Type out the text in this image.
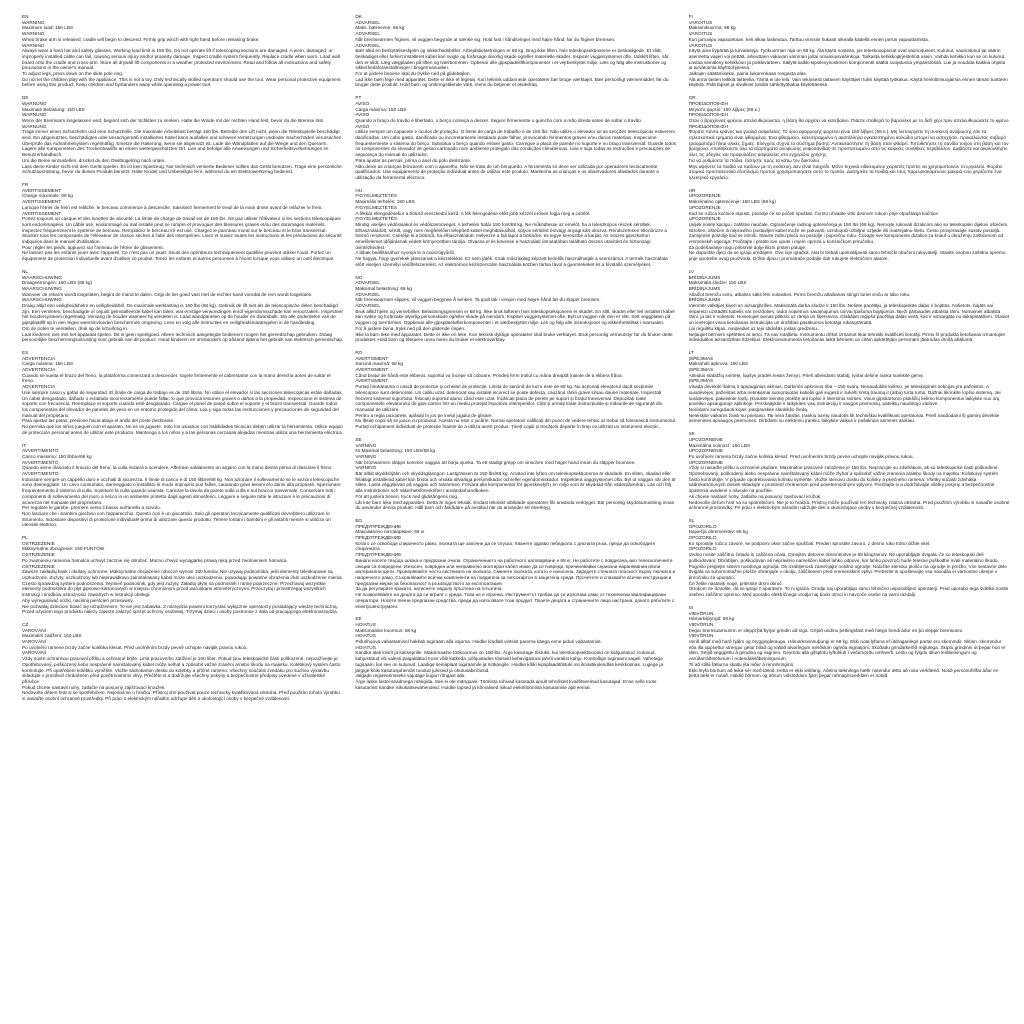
EN

WARNING

Maximum load: 150 LBS

WARNING

When brake arm is released, cradle will begin to descend. Firmly grip winch with right hand before releasing brake.

WARNING

Always wear a hard hat and safety glasses. Working load limit is 150 lbs. Do not operate lift if telescoping sections are damaged. A worn, damaged, or improperly installed cable can fail, causing serious injury and/or property damage. Inspect cradle system frequently. Replace cradle when worn. Load wall board onto the cradle and cross-arm. Store all drywall lift components in a weather protected environment. Read and follow all instructions and safety precautions in the owner's manual.

To adjust legs, press down on the slide pole ring.

Do not let the children play with the appliance. This is not a toy. Only technically skilled operators should use the tool. Wear personal protective equipment before using this product. Keep children and bystanders away while operating a power tool.

DE

WARNUNG

Maximale Belastung: 150 LBS

WARNUNG

Wenn der Bremsarm losgelassen wird, beginnt sich der Schlitten zu senken. Halte die Winde mit der rechten Hand fest, bevor du die Bremse löst.

WARNUNG

Trage immer einen Schutzhelm und eine Schutzbrille. Die maximale Arbeitslast beträgt 150 lbs. Betreibe den Lift nicht, wenn die Teleskopteile beschädigt sind. Ein abgenutztes, beschädigtes oder unsachgemäß installiertes Kabel kann ausfallen und schwere Verletzungen und/oder Sachschäden verursachen. Überprüfe das Aufnahmesystem regelmäßig. Ersetze die Halterung, wenn sie abgenutzt ist. Lade die Wandplatten auf die Wiege und den Querarm. Lagere alle Komponenten des Trockenbaulifts an einem wettergeschützten Ort. Lies und befolge alle Anweisungen und Sicherheitsvorkehrungen im Benutzerhandbuch.

Um die Beine einzustellen, drückst du den Gleitbügelring nach unten.

Lass deine Kinder nicht mit dem Gerät spielen. Es ist kein Spielzeug. Nur technisch versierte Bediener sollten das Gerät benutzen. Trage eine persönliche Schutzausrüstung, bevor du dieses Produkt benutzt. Halte Kinder und Unbeteiligte fern, während du ein Elektrowerkzeug bedienst.

FR

AVERTISSEMENT

Charge maximale: 68 kg

AVERTISSEMENT

Lorsque l'étrier de frein est relâché, le berceau commence à descendre. Saisissez fermement le treuil de la main droite avant de relâcher le frein.

AVERTISSEMENT

Portez toujours un casque et des lunettes de sécurité. La limite de charge de travail est de 150 lbs. Ne pas utiliser l'élévateur si les sections télescopiques sont endommagées. Un câble usé, endommagé ou mal installé peut se rompre et provoquer des blessures graves et/ou des dommages matériels. Inspectez fréquemment le système de berceau. Remplacez le berceau s'il est usé. Chargez le panneau mural sur le berceau et le bras transversal. Stockez tous les composants de l'élévateur de cloison sèches à l'abri des intempéries. Lisez et suivez toutes les instructions et les précautions de sécurité indiquées dans le manuel d'utilisation.

Pour régler les pieds, appuyez sur l'anneau de l'étrier de glissement.

Ne laissez pas les enfants jouer avec l'appareil. Ce n'est pas un jouet. Seuls des opérateurs techniquement qualifiés peuvent utiliser l'outil. Portez un équipement de protection individuelle avant d'utiliser ce produit. Tenez les enfants et autres personnes à l'écart lorsque vous utilisez un outil électrique.

NL

WAARSCHUWING

Draagvermogen: 150 LBS (68 kg)

WAARSCHUWING

Wanneer de rekarm wordt losgelaten, begint de mand te dalen. Grijp de lier goed vast met de rechter hand voordat de rem wordt losgelaten.

WAARSCHUWING

Draag altijd een veiligheidshelm en veiligheidsbril. De maximale werklasting is 150 lbs (68 kg). Gebruik de lift niet als de telescopische delen beschadigd zijn. Een versleten, beschadigde of onjuist geïnstalleerde kabel kan falen, wat ernstige verwondingen en/of eigendomsschade kan veroorzaken. Inspecteer het houdersysteem regelmatig. Vervang de houder wanneer hij versleten is. Laad wandpanelen op de houder en dwarsbalk. Sla alle onderdelen van de gipsplaatlift op in een tegen weersinvloeden beschermde omgeving. Lees en volg alle instructies en veiligheidsmaatregelen in de handleiding.

Om de poten te verstellen, druk op de schuifring in.

Laat kinderen niet met het apparaat spelen. Dit is geen speelgoed. Alleen technisch aangelegde bedieners mogen het gereedschap gebruiken. Draag persoonlijke beschermingsuitrusting voor gebruik van dit product. Houd kinderen en omstanders op afstand tijdens het gebruik van elektrisch gereedschap.

ES

ADVERTENCIA

Carga máxima: 150 LBS

ADVERTENCIA

Cuando se suelta el brazo del freno, la plataforma comenzará a descender. Sujete firmemente el cabrestante con la mano derecha antes de soltar el freno.

ADVERTENCIA

Use siempre casco y gafas de seguridad. El límite de carga de trabajo es de 150 libras. No utilice el elevador si las secciones telescópicas están dañadas. Un cable desgastado, dañado o instalado incorrectamente puede fallar, lo que provoca lesiones graves o daños a la propiedad. Inspeccione el sistema de soporte con frecuencia. Reemplace el soporte cuando esté desgastado. Cargue el panel de pared sobre el soporte y el brazo transversal. Guarde todos los componentes del elevador de paneles de yeso en un entorno protegido del clima. Lea y siga todas las instrucciones y precauciones de seguridad del manual del propietario.

Para ajustar las patas, presione hacia abajo el anillo del poste deslizante.

No permita que los niños jueguen con el aparato. No es un juguete. Solo los usuarios con habilidades técnicas deben utilizar la herramienta. Utilice equipo de protección personal antes de utilizar este producto. Mantenga a los niños y a las personas cercanas alejadas mientras utiliza una herramienta eléctrica.

IT

AVVERTIMENTO

Carico massimo: 150 libbre/68 kg

AVVERTIMENTO

Quando viene rilasciato il braccio del freno, la culla inizierà a scendere. Afferrare saldamente un argano con la mano destra prima di rilasciare il freno.

AVVERTIMENTO

Indossare sempre un cappello duro e occhiali di sicurezza. Il limite di carico è di 150 libbre/68 kg. Non azionare il sollevamento se le sezioni telescopiche sono danneggiate. Un cavo consumato, danneggiato o installato in modo improprio può fallire, causando gravi lesioni e/o danni alla proprietà. Ispezionare frequentemente il sistema di culla. Sostituire la culla quando usurata. Caricare la tavola da parete sulla culla e sul braccio trasversale. Conservare tutti i componenti di sollevamento del muro a secco in un ambiente protetto dagli agenti atmosferici. Leggere e seguire tutte le istruzioni e le precauzioni di sicurezza nel manuale del proprietario.

Per regolare le gambe, premere verso il basso sull'anello a scivolo.

Non lasciare che i bambini giochino con l'apparecchio. Questo non è un giocattolo. Solo gli operatori tecnicamente qualificati dovrebbero utilizzare lo strumento. Indossare dispositivi di protezione individuale prima di utilizzare questo prodotto. Tenere lontani i bambini e gli astanti mentre si utilizza un utensile elettrico.

PL

OSTRZEŻENIE

Maksymalne obciążenie: 150 FUNTÓW

OSTRZEŻENIE

Po zwolnieniu ramienia hamulca uchwyt zacznie się obniżać. Mocno chwyć wyciągarkę prawą ręką przed zwolnieniem hamulca.

OSTRZEŻENIE

Zawsze zakładaj kask i okulary ochronne. Maksymalne obciążenie robocze wynosi 150 funtów. Nie używaj podnośnika, jeśli elementy teleskopowe są uszkodzone. Zużyty, uszkodzony lub nieprawidłowo zainstalowany kabel może ulec uszkodzeniu, powodując poważne obrażenia i/lub uszkodzenie mienia. Często sprawdzaj system podnoszenia. Wymień podnośnik, gdy jest zużyty. Załaduj płytę na podnośnik i ramię poprzeczne. Przechowuj wszystkie elementy podnośnika do płyt gipsowo-kartonowych w miejscu chronionym przed warunkami atmosferycznymi. Przeczytaj i przestrzegaj wszystkich instrukcji i środków ostrożności zawartych w instrukcji obsługi.

Aby wyregulować nóżki, naciśnij pierścień przesuwny.

Nie pozwalaj dzieciom bawić się urządzeniem. To nie jest zabawka. Z narzędzia powinni korzystać wyłącznie operatorzy posiadający wiedzę techniczną. Przed użyciem tego produktu należy zawsze założyć sprzęt ochrony osobistej. Trzymaj dzieci i osoby postronne z dala od pracującego elektronarzędzia.

CZ

VAROVÁNÍ

Maximální zatížení: 150 LBS

VAROVÁNÍ

Po uvolnění ramene brzdy začne kolébka klesat. Před uvolněním brzdy pevně uchopte naviják pravou rukou.

VAROVÁNÍ

Vždy noste ochrannou pracovní přilbu a ochranné brýle. Limit pracovního zatížení je 150 liber. Pokud jsou teleskopické části poškozené, nepoužívejte je. Opotřebovaný, poškozený nebo nesprávně nainstalovaný kabel může selhat a způsobit vážné zranění a/nebo škodu na majetku. Kolébkový systém často kontrolujte. Při opotřebení kolébku vyměňte. Vložte sádrokarton desku do kolébky a příčné rameno. Všechny součásti zvedáku pro suchou výstavbu skladujte v prostředí chráněném před povětrnostními vlivy. Přečtěte si a dodržujte všechny pokyny a bezpečnostní předpisy uvedené v uživatelské příručce.

Pokud chcete nastavit nohy, zatlačte na posuvný zajišťovací kroužek.

Nedovolte dětem hrát si se spotřebičem. Nejedná se o hračku. Přístroj smí používat pouze technicky kvalifikovaná obsluha. Před použitím tohoto výrobku si nasaďte osobní ochranné prostředky. Při práci s elektrickým nářadím udržujte děti a okolostojící osoby v bezpečné vzdálenosti.

DK

ADVARSEL

Maks. bæreevne: 68 kg

ADVARSEL

Når bremsearmen frigives, vil vuggen begynde at sænke sig. Hold fast i håndsvinget med højre hånd, før du frigiver bremsen.

ADVARSEL

Bær altid en beskyttelseshjelm og sikkerhedsbriller. Arbejdsbelastningen er 68 kg. Brug ikke liften, hvis teleskopsektionerne er beskadigede. Et slidt, beskadiget eller forkert installeret kabel kan svigte og forårsage alvorlig skade og/eller materielle skader. Inspicér vuggesystemet ofte. Udskift liften, når den er slidt. Læg vægpladen på liften og tværbommen. Opbevar alle gipspladeliftkomponenter i et vejrbeskyttet miljø. Læs og følg alle instruktioner og sikkerhedsforanstaltninger i brugermanualen.

For at justere benene skal du trykke ned på glidebøjlen.

Lad ikke børn lege med apparatet. Dette er ikke et legetøj. Kun teknisk uddannede operatører bør bruge værktøjet. Bær personligt værnemiddel, før du bruger dette produkt. Hold børn og omkringstående væk, mens du betjener et elværktøj.

PT

AVISO

Carga máxima: 150 LBS

AVISO

Quando a braço do travão é libertado, o berço começa a descer. Segure firmemente o guincho com a mão direita antes de soltar o travão.

AVISO

Utilize sempre um capacete e óculos de proteção. O limite de carga de trabalho é de 150 lbs. Não utilize o elevador se as secções telescópicas estiverem danificadas. Um cabo gasto, danificado ou incorretamente instalado pode falhar, provocando ferimentos graves e/ou danos materiais. Inspecione frequentemente o sistema do berço. Substitua o berço quando estiver gasto. Carregue a placa de parede no suporte e no braço transversal. Guarde todos os componentes do elevador de gesso cartonado num ambiente protegido das condições climatéricas. Leia e siga todas as instruções e precauções de segurança do manual do utilizador.

Para ajustar as pernas, prima o anel do pólo deslizante.

Não deixe as crianças brincarem com o aparelho. Não se trata de um brinquedo. A ferramenta só deve ser utilizada por operadores tecnicamente qualificados. Use equipamento de proteção individual antes de utilizar este produto. Mantenha as crianças e os observadores afastados durante a utilização da ferramenta eléctrica.

HU

FIGYELMEZTETÉS

Maximális terhelés: 150 LBS

FIGYELMEZTETÉS

A fékkar elengedésekor a bölcső ereszkedni kezd. A fék felengedése előtt jobb kézzel erősen fogja meg a csörlőt.

FIGYELMEZTETÉS

Mindig viseljen védősisakot és védőszemüveget. A terhelési határ 150 font/68 kg. Ne működtesse az emelőt, ha a teleszkópos részek sérültek. Elhasználódott, sérült, vagy nem megfelelően telepített kabel meghibásodhat, súlyos sérülést és/vagy anyagi kárt okozva. Rendszeresen ellenőrizze a bölcső rendszert. Cserélje ki a bölcsőt, ha elhasználódott. Helyezze a fali lapot a bölcsőre, és tegye keresztbe a karjait. Az összes gipszkarton emelőelemet időjárásnak védett környezetben tárolja. Olvassa el és kövesse a használati útmutatóban található összes utasítást és biztonsági óvintézkedést.

A lábak beállításához nyomja le a csúszógyűrűt.

Ne hagyja, hogy gyerekek játsszanak a készülékkel. Ez nem játék. Csak műszakilag képzett kezelők használhatják a szerszámot. A termék használata előtt viseljen személyi védőfelszerelést. Az elektromos kéziszerszám használata közben tartsa távol a gyermekeket és a kívülálló személyeket.

NO

ADVARSEL

Maksimal belastning: 68 kg

ADVARSEL

Når bremsearmen slippes, vil vuggen begynne å senkes. Ta godt tak i vinsjen med høyre hånd før du slipper bremsen.

ADVARSEL

Bruk alltid hjelm og vernebriller. Belastningsgrensen er 68 kg. Ikke bruk løfteren hvis teleskopseksjonene er skadet. En slitt, skadet eller feil installert kabel kan svikte og forårsake alvorlig personskade og/eller skade på eiendom. Inspiser vuggesystemet ofte. Bytt ut vuggen når den er slitt. Sett veggplaten på vuggen og tverrarmen. Oppbevar alle gipsplateløfterkomponenter i et værbeskyttet miljø. Les og følg alle instruksjoner og sikkerhetstiltak i manualen.

For å justere bena, trykk ned på den glidende ringen.

Ikke la barn leke med apparatet. Dette er ikke en leke. Kun teknisk dyktige operatører skal bruke verktøyet. Bruk personlig verneutstyr før du bruker dette produktet. Hold barn og tilskuere unna mens du bruker et elektroverktøy.

RO

AVERTISMENT

Sarcină maximă: 68 kg

AVERTISMENT

Când brațul de frână este eliberat, suportul va începe să coboare. Prindeți ferm troliul cu mâna dreaptă înainte de a elibera frâna.

AVERTISMENT

Purtați întotdeauna o cască de protecție și ochelari de protecție. Limita de sarcină de lucru este de 68 kg. Nu acționați elevatorul dacă secțiunile telescopice sunt deteriorate. Un cablu uzat, deteriorat sau instalat incorect se poate defecta, cauzând răniri grave și/sau daune materiale. Inspectați frecvent sistemul suportului. Înlocuiți suportul atunci când este uzat. Încărcați placa de perete pe suport și brațul transversal. Depozitați toate componentele elevatorului de gips-carton într-un mediu protejat împotriva intemperiilor. Citiți și urmați toate instrucțiunile și măsurile de siguranță din manualul de utilizare.

Pentru a regla picioarele, apăsați în jos pe inelul jugului de glisare.

Nu lăsați copiii să se joace cu produsul. Acesta nu este o jucărie. Numai operatorii calificați din punct de vedere tehnic ar trebui să folosească instrumentul. Purtați echipament individual de protecție înainte de a utiliza acest produs. Țineți copiii și trecătorii departe în timp ce utilizați un instrument electric.

SE

VARNING

Nr Maximal belastning: 150 LBS/68 kg

VARNING

När bromsarmen släpps kommer vaggan att börja sjunka. Ta ett stadigt grepp om vinschen med höger hand innan du släpper bromsen.

VARNING

Bär alltid skyddshjälm och skyddsglasögon. Lastgränsen är 150 lbs/68 kg. Använd inte lyften om teleskopsektionerna är skadade. En sliten, skadad eller felaktigt installerad kabel kan brista och orsaka allvarliga personskador och/eller egendomsskador. Inspektera vaggsystemet ofta. Byt ut vaggan när den är sliten. Lasta väggskivan på vaggan och tvärarmen. Förvara alla komponenter för gipsskivelyft i en miljö som är skyddad från väderpåverkan. Läs och följ alla instruktioner och säkerhetsföreskrifter i användarhandboken.

För att justera benen, tryck ned glidstångens ring.

Låt inte barn leka med apparaten. Detta är ingen leksak. Endast tekniskt utbildade operatörer får använda verktyget. Bär personlig skyddsutrustning innan du använder denna produkt. Håll barn och åskådare på avstånd när du använder ett elverktyg.

BG

ПРЕДУПРЕЖДЕНИЕ

Максимално натоварване: 68 кг

ПРЕДУПРЕЖДЕНИЕ

Когато се освободи спирачното рамо, люлката ще започне да се спуска. Хванете здраво лебедката с дясната ръка, преди да освободите спирачката.

ПРЕДУПРЕЖДЕНИЕ

Винаги носете твърда шапка и предпазни очила. Ограничението на работното натоварване е 68 кг. Не работете с повдигача, ако телескопичните секции са повредени. Износен, повреден или неправилно монтиран кабел може да се повреди, причинявайки сериозни наранявания и/или материални щети. Проверявайте често системата на люлката. Сменете люлката, когато е износена. Заредете стенната плоскост върху люлката и напречното рамо. Съхранявайте всички компоненти на повдигача за гипсокартон в защитена среда. Прочетете и спазвайте всички инструкции и предпазни мерки за безопасност в ръководството за експлоатация.

За да регулирате краката, натиснете надолу пръстена на плъзгача.

Не позволявайте на децата да си играят с уреда. Това не е играчка. Инструментът трябва да се използва само от технически квалифицирани оператори. Носете лични предпазни средства, преди да използвате този продукт. Пазете децата и страничните лица настрана, докато работите с електроинструмент.

EE

HOIATUS

Maksimaalne koormus: 68 kg

HOIATUS

Pidurihoova vabastamisel hakkab tugiraam alla vajuma. Hoidke kindlalt vintsist parema käega enne piduri vabastamist.

HOIATUS

Kandke alati kiivrit ja kaitseprille. Maksimaalne töökoormus on 150 lbs. Ärge kasutage tõstukit, kui teleskoopsektsioonid on kahjustatud. Kulunud, kahjustatud või valesti paigaldatud tross võib katkeda, põhjustades tõsiseid kehavigastusi ja/või varalist kahju. Kontrollige tugiraami sageli. Vahetage tugiraam, kui see on kulunud. Laadige seinaplaat tugiraamile ja ristkangile. Hoidke kõiki kipsplaaditõstuki osi ilmastikukindlas keskkonnas. Lugege ja järgige kõiki kasutusjuhendis toodud juhiseid ja ohutusabinõusid.

Jalgade reguleerimiseks vajutage liuguri rõngast alla.

Ärge laske lastel seadmega mängida. See ei ole mänguasi. Tööriista tohivad kasutada ainult tehniliselt kvalifitseeritud kasutajad. Enne selle toote kasutamist kandke isikukaitsevahendeid. Hoidke lapsed ja kõrvalised isikud elektritööriista kasutamise ajal eemal.

FI

VAROITUS

Maksimikuorma: 68 kg

VAROITUS

Kun jarruvipu vapautetaan, keli alkaa laskeutua. Tarttuu vinssiin tiukasti oikealla kädellä ennen jarrun vapauttamista.

VAROITUS

Käytä aina kypärää ja turvalaseja. Työkuorman raja on 68 kg. Älä käytä nostinta, jos teleskooppiosat ovat vaurioituneet. Kulunut, vaurioitunut tai väärin asennettu vaijeri voi pettää, aiheuttaen vakavan vamman ja/tai omaisuusvahinkoja. Tarkasta kehikkojärjestelmä usein. Vaihda kehikko kun se on kulunut. Lastaa seinälevy kehikkoon ja poikkivarteen. Säilytä kaikki kipsilevynostimen komponentit säältä suojatussa ympäristössä. Lue ja noudata kaikkia ohjeita ja turvatoimia käyttöohjeessa.

Jalkojen säätämiseksi, paina liukurenkaan rengasta alas.

Älä anna lasten leikkiä laitteella. Tämä ei ole lelu. Vain teknisesti taitavien käyttäjien tulisi käyttää työkalua. Käytä henkilönsuojaimia ennen tämän tuotteen käyttöä. Pidä lapset ja sivulliset loitolla sähkötyökalua käytettäessä.

GR

ΠΡΟΕΙΔΟΠΟΙΗΣΗ

Μέγιστο φορτίο: 150 λίβρες (68 κ.)

ΠΡΟΕΙΔΟΠΟΙΗΣΗ

Όταν ο βραχίονας φρένου απελευθερώνεται, η βάση θα αρχίσει να κατεβαίνει. Πιάστε σταθερά το βαρούλκο με το δεξί χέρι πριν απελευθερώσετε το φρένο.

ΠΡΟΕΙΔΟΠΟΙΗΣΗ

Φοράτε πάντα κράνος και γυαλιά ασφαλείας. Το όριο εφαρμογής φορτίου είναι 150 λίβρες (68 κ.). Μη λειτουργείτε τη συσκευή ανύψωσης εάν τα τηλεσκοπικά τμήματα είναι φθαρμένα. Ένα φθαρμένο, κατεστραμμένο ή ακατάλληλα εγκατεστημένο καλώδιο μπορεί να αστοχήσει, προκαλώντας σοβαρό τραυματισμό ή/και υλικές ζημιές. Ελέγχετε συχνά το σύστημα βάσης. Αντικαταστήστε τη βάση όταν φθαρεί. Τοποθετήστε τη σανίδα τοίχου στη βάση και τον βραχίονα. Αποθηκεύστε όλα τα εξαρτήματα ανύψωσης γυψοσανίδας σε προστατευμένο από τις καιρικές συνθήκες περιβάλλον. Διαβάστε και ακολουθήστε όλες τις οδηγίες και προφυλάξεις ασφαλείας στο εγχειρίδιο χρήσης.

Για να ρυθμίσετε τα πόδια, πατήστε προς τα κάτω τον δακτύλιο.

Μην αφήνετε τα παιδιά να παίζουν με τη συσκευή. Δεν είναι παιχνίδι. Μόνο τεχνικά ειδικευμένοι χειριστές πρέπει να χρησιμοποιούν το εργαλείο. Φοράτε ατομικό προστατευτικό εξοπλισμό προτού χρησιμοποιήσετε αυτό το προϊόν. Διατηρείτε τα παιδιά και τους παρευρισκόμενους μακριά ενώ χειρίζεστε ένα ηλεκτρικό εργαλείο.

HR

UPOZORENJE

Maksimalno opterećenje: 150 LBS (68 kg)

UPOZORENJE

Kad se ručica kočnice otpusti, postolje će se početi spuštati. Čvrsto uhvatite vitlo desnom rukom prije otpuštanja kočnice.

UPOZORENJE

Uvijek nosite kacigu i zaštitne naočale. Ograničenje radnog opterećenja je 150 lbs (68 kg). Nemojte rukovati dizalicom ako su teleskopski dijelovi oštećeni. Istrošen, oštećen ili nepravilno postavljen kabel može se pokvariti, uzrokujući ozbiljne ozljede i/ili materijalnu štetu. Često provjeravajte sustav postolja. Zamijenite postolje kad se istroši. Stavite zidnu ploču na postolje i poprečnu ruku. Čuvajte sve komponente dizalice za knauf u okruženju zaštićenom od vremenskih utjecaja. Pročitajte i pratite sve upute i mjere opreza u korisničkom priručniku.

Za podešavanje nogu pritisnite dolje klizni prsten poluge.

Ne dopustite djeci da se igraju uređajem. Ovo nije igračka. Alat bi trebali upotrebljavati samo tehnički obučeni rukovatelji. Stavite osobnu zaštitnu opremu prije upotrebe ovog proizvoda. Držite djecu i promatrače podalje dok rukujete električnim alatom.

LV

BRĪDINĀJUMS

Maksimālā slodze: 150 LBS

BRĪDINĀJUMS

Atlaižot bremžu sviru, atbalsts sāks lēni nolaisties. Pirms bremžu atlaišanas stingri turiet vinču ar labo roku.

BRĪDINĀJUMS

Vienmēr valkājiet ķiveri un aizsargbrilles. Maksimālā darba slodze ir 150 lbs. Neliete pacēlāju, ja teleskopiskās daļas ir bojātas. Nolietots, bojāts vai nepareizi uzstādīts kabelis var neizdoties, radot nopietnus savainojumus un/vai īpašuma bojājumus. Bieži pārbaudiet atbalsta rāmi. Nomainiet atbalsta rāmi, ja tas ir nolietots. Novietojiet sienas plāksni uz rāmja un šķērssvira. Glabājiet reģipša pacēlāja daļas vietā, kas ir aizsargāta no laikapstākļiem. Izlasiet un ievērojiet visus lietošanas instrukcijās un drošības pasākumos lietotāja rokasgrāmatā.

Lai regulētu kājas, nospiediet uz leju slīdošās joslas gredzenu.

Neļaujiet bērniem spēlēties ar ierīci. Tā nav rotaļlieta. Instrumentu drīkst izmantot tikai tehniski kvalificēti lietotāji. Pirms šī produkta lietošanas izmantojiet individuālos aizsardzības līdzekļus. Elektroinstrumenta lietošanas laikā bērniem un citām apkārtējām personām jāatrodas drošā attālumā.

LT

ĮSPĖJIMAS

Maksimali apkrova: 150 LBS

ĮSPĖJIMAS

Atleidus stabdžių svirtelę, lopšys pradės leistis žemyn. Prieš atleisdami stabdį, tvirtai dešine ranka suimkite gervę.

ĮSPĖJIMAS

Visada dėvėkite šalmą ir apsauginius akinius. Darbinės apkrovos riba – 150 svarų. Nenaudokite kėlimo, jei teleskopinės sekcijos yra pažeistos. A susidėvėjęs, pažeistas arba netinkamai sumontuotas kabelis gali sugesti ir sukelti rimtą traumą ir (arba) turtą turtui. Dažnai tikrinkite lopšio sistemą. Jei susidėvėjęs, pakeiskite lopšį. Įkraukite sieninę plokštę ant lopšio ir skersinio svirties. Visus gipskartonio plokščių kėlimo komponentus laikykite nuo orų poveikio apsaugotoje aplinkoje. Perskaitykite ir laikykitės visų instrukcijų ir saugos priemonių, pateiktų naudotojo vadove.

Norėdami sureguliuoti kojas, paspauskite slankiklio žiedą.

Neleiskite vaikams žaisti su prietaisu. Tai nėra žaislas. Įrankiu turėtų naudotis tik techniškai kvalifikuoti operatoriai. Prieš naudodami šį gaminį dėvėkite asmenines apsaugos priemones. Dirbdami su elektriniu įrankiu, laikykite vaikus ir pašalinius asmenis atokiau.

SK

UPOZORNENIE

Maximálna nosnosť: 150 LBS

UPOZORNENIE

Po uvoľnení ramena brzdy začne kolíska klesať. Pred uvoľnením brzdy pevne uchopte naviják pravou rukou.

UPOZORNENIE

Vždy si nasaďte prilbu a ochranné okuliare. Maximálne pracovné zaťaženie je 150 lbs. Nepracujte so zdvihákom, ak sú teleskopické časti poškodené. Opotrebovaný, poškodený alebo nesprávne nainštalovaný kábel môže zlyhať a spôsobiť vážne zranenia a/alebo škody na majetku. Kolískový systém často kontrolujte. V prípade opotrebovania kolísku vymeňte. Vložte stenovú dosku do kolísky a priečneho ramena. Všetky súčasti zdviháka sadrokartónových dosiek skladujte v prostredí chránenom pred poveternostnými vplyvmi. Prečítajte si a dodržiavajte všetky pokyny a bezpečnostné opatrenia uvedené v návode na použitie.

Ak chcete nastaviť nohy, zatlačte na posuvný zaisťovací krúžok.

Nedovoľte deťom hrať sa so spotrebičom. Nie je to hračka. Prístroj môže používať len technicky zdatná obsluha. Pred použitím výrobku si nasaďte osobné ochranné prostriedky. Pri práci s elektrickým náradím udržujte deti a okolostojace osoby v bezpečnej vzdialenosti.

SL

OPOZORILO

Največja obremenitev: 68 kg

OPOZORILO

Ko sprostite ročico zavore, se podporni okvir začne spuščati. Preden sprostite zavoro, z desno roko trdno držite vitel.

OPOZORILO

Vedno nosite zaščitno čelado in zaščitna očala. Omejitev delovne obremenitve je 68 kilogramov. Ne uporabljajte dvigala, če so teleskopski deli poškodovani. Obrabljen, poškodovan ali nepravilno nameščen kabel lahko odpove, kar lahko povzroči hude telesne poškodbe in/ali materialno škodo. Pogosto preglejte sistem nosilnega ogrodja. Ob izrabljenosti zamenjajte nosilno ogrodje. Naložite stensko ploščo na ogrodje in prečko. Vse sestavne dele dvigala za suhomontažne plošče shranjujte v okolju, zaščitenem pred vremenskimi vplivi. Preberite in upoštevajte vsa navodila in varnostne ukrepe v priročniku za uporabo.

Če želite nastaviti noge, pritisnite drsni obroč.

Otrokom ne dovolite, da se igrajo z aparatom. To ni igrača. Orodje naj uporabljajo samo tehnično usposobljeni operaterji. Pred uporabo tega izdelka nosite osebno zaščitno opremo. Med uporabo električnega orodja naj bodo otroci in navzoče osebe na varni razdalji.

IS

VIÐVÖRUN

Hámarksþyngd: 68 kg

VIÐVÖRUN

Þegar bremsuarmurinn er sleppt þá byrjar grindin að síga. Grípið undinu þéttingsfast með hægri hendi áður en þú sleppir bremsunni.

VIÐVÖRUN

Verið alltaf með harð hjálm og öryggisgleraugu. Hámarksvinnuþungi er 68 kg. Ekki nota lyftuna ef útdraganlegir partar eru skemmdir. Slitinn, skemmdur eða illa uppsettur strengur getur bilað og valdið alvarlegum meiðslum og/eða eignatjóni. Skoðaðu grindarkerfið reglulega. Skiptu grindinni út þegar hún er slitin. Setjið veggplötu á grindina og vagninn. Geymdu alla gifsplötu lyftuhluti í veðurvörðu umhverfi. Lestu og fylgdu öllum leiðbeiningum og varúðarráðstöfunum í notendaleiðbeiningunum.

Til að stilla fæturna skaltu ýta niður á rennihringinn.

Ekki leyfa börnum að leika sér með tækið. Þetta er ekki leikfang. Aðeins tæknilega hæfir notendur ættu að nota verkfærið. Notið persónuhlífar áður en þetta tæki er notað. Haldið börnum og öðrum viðstöddum fjarri þegar rafmagnsverkfæri er notað.
